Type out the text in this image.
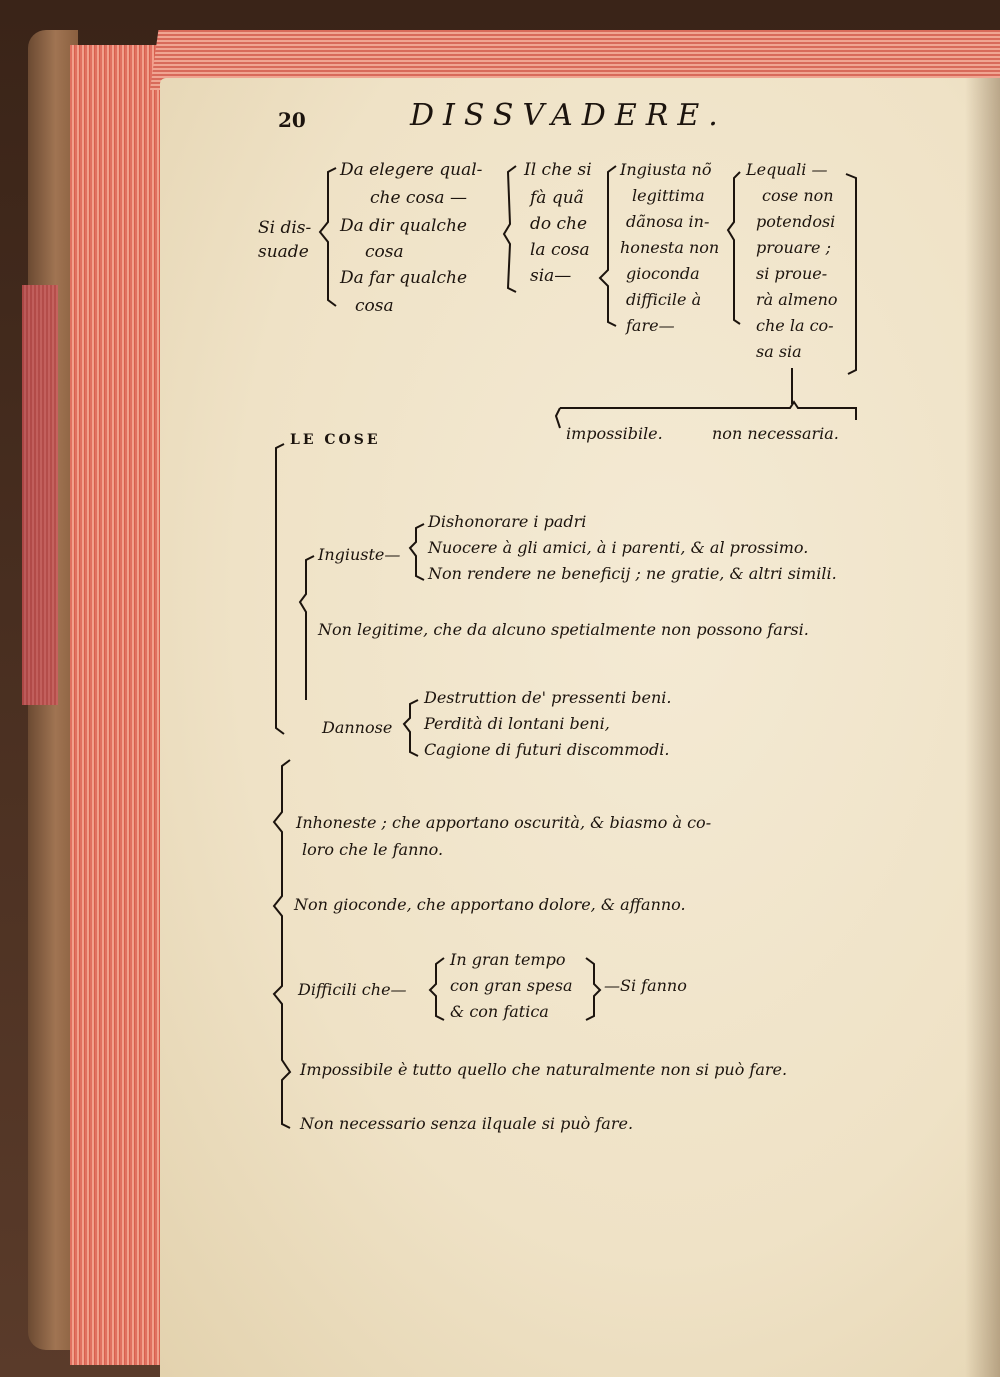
20	DISSVADERE.
Si dis-
suade
Da elegere qual-
che cosa —
Da dir qualche
cosa
Da far qualche
cosa
Il che si
fà quã
do che
la cosa
sia—
Ingiusta nõ
legittima
dãnosa in-
honesta non
gioconda
difficile à
fare—
Lequali —
cose non
potendosi
prouare ;
si proue-
rà almeno
che la co-
sa sia
impossibile.	non necessaria.
LE COSE
Ingiuste—
Dishonorare i padri
Nuocere à gli amici, à i parenti, & al prossimo.
Non rendere ne beneficij ; ne gratie, & altri simili.
Non legitime, che da alcuno spetialmente non possono farsi.
Dannose
Destruttion de' pressenti beni.
Perdità di lontani beni,
Cagione di futuri discommodi.
Inhoneste ; che apportano oscurità, & biasmo à co-
loro che le fanno.
Non gioconde, che apportano dolore, & affanno.
Difficili che—
In gran tempo
con gran spesa
& con fatica
—Si fanno
Impossibile è tutto quello che naturalmente non si può fare.
Non necessario senza ilquale si può fare.
